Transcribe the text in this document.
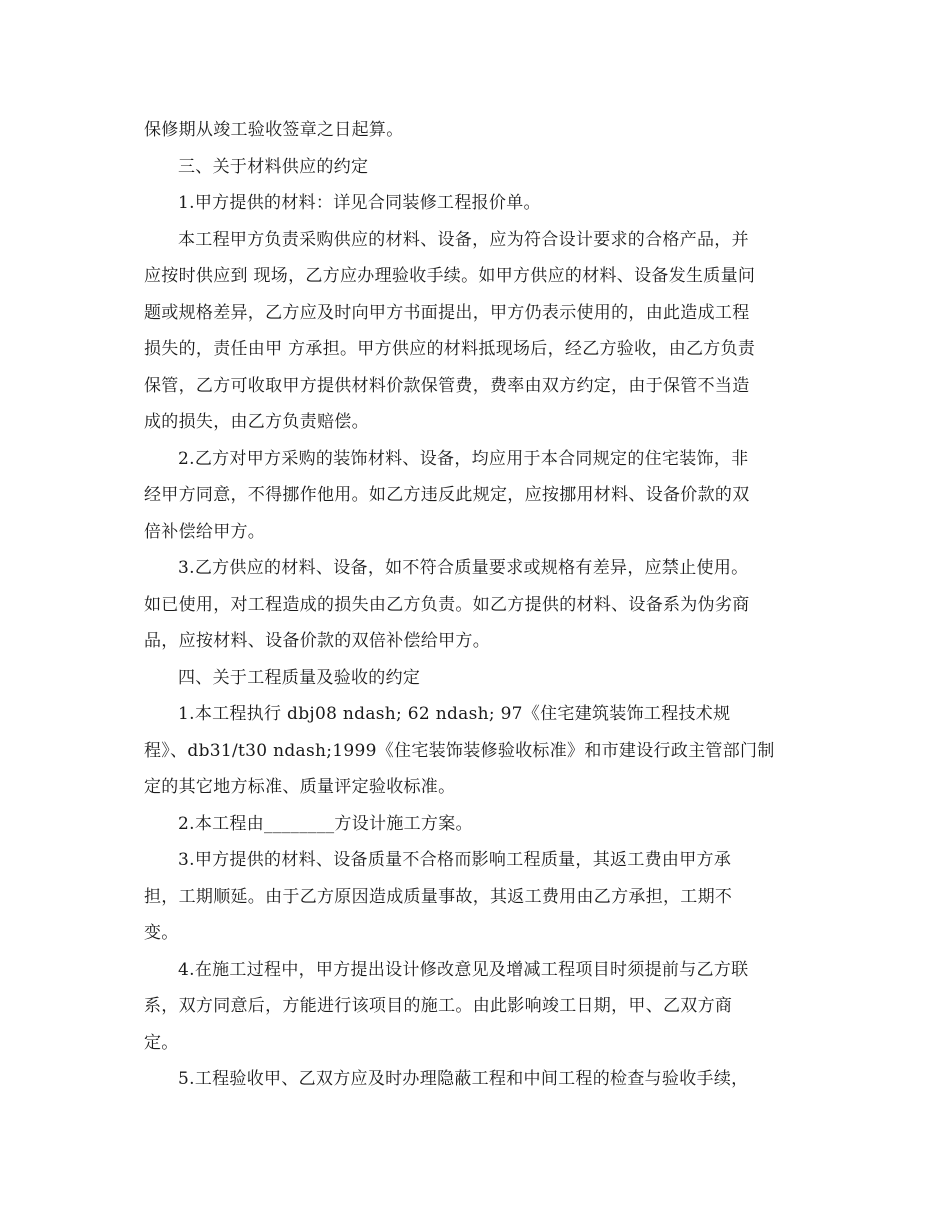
保修期从竣工验收签章之日起算。
三、关于材料供应的约定
1.甲方提供的材料：详见合同装修工程报价单。
本工程甲方负责采购供应的材料、设备，应为符合设计要求的合格产品，并
应按时供应到 现场，乙方应办理验收手续。如甲方供应的材料、设备发生质量问
题或规格差异，乙方应及时向甲方书面提出，甲方仍表示使用的，由此造成工程
损失的，责任由甲 方承担。甲方供应的材料抵现场后，经乙方验收，由乙方负责
保管，乙方可收取甲方提供材料价款保管费，费率由双方约定，由于保管不当造
成的损失，由乙方负责赔偿。
2.乙方对甲方采购的装饰材料、设备，均应用于本合同规定的住宅装饰，非
经甲方同意，不得挪作他用。如乙方违反此规定，应按挪用材料、设备价款的双
倍补偿给甲方。
3.乙方供应的材料、设备，如不符合质量要求或规格有差异，应禁止使用。
如已使用，对工程造成的损失由乙方负责。如乙方提供的材料、设备系为伪劣商
品，应按材料、设备价款的双倍补偿给甲方。
四、关于工程质量及验收的约定
1.本工程执行 dbj08 ndash; 62 ndash; 97《住宅建筑装饰工程技术规
程》、db31/t30 ndash;1999《住宅装饰装修验收标准》和市建设行政主管部门制
定的其它地方标准、质量评定验收标准。
2.本工程由________方设计施工方案。
3.甲方提供的材料、设备质量不合格而影响工程质量，其返工费由甲方承
担，工期顺延。由于乙方原因造成质量事故，其返工费用由乙方承担，工期不
变。
4.在施工过程中，甲方提出设计修改意见及增减工程项目时须提前与乙方联
系，双方同意后，方能进行该项目的施工。由此影响竣工日期，甲、乙双方商
定。
5.工程验收甲、乙双方应及时办理隐蔽工程和中间工程的检查与验收手续，
